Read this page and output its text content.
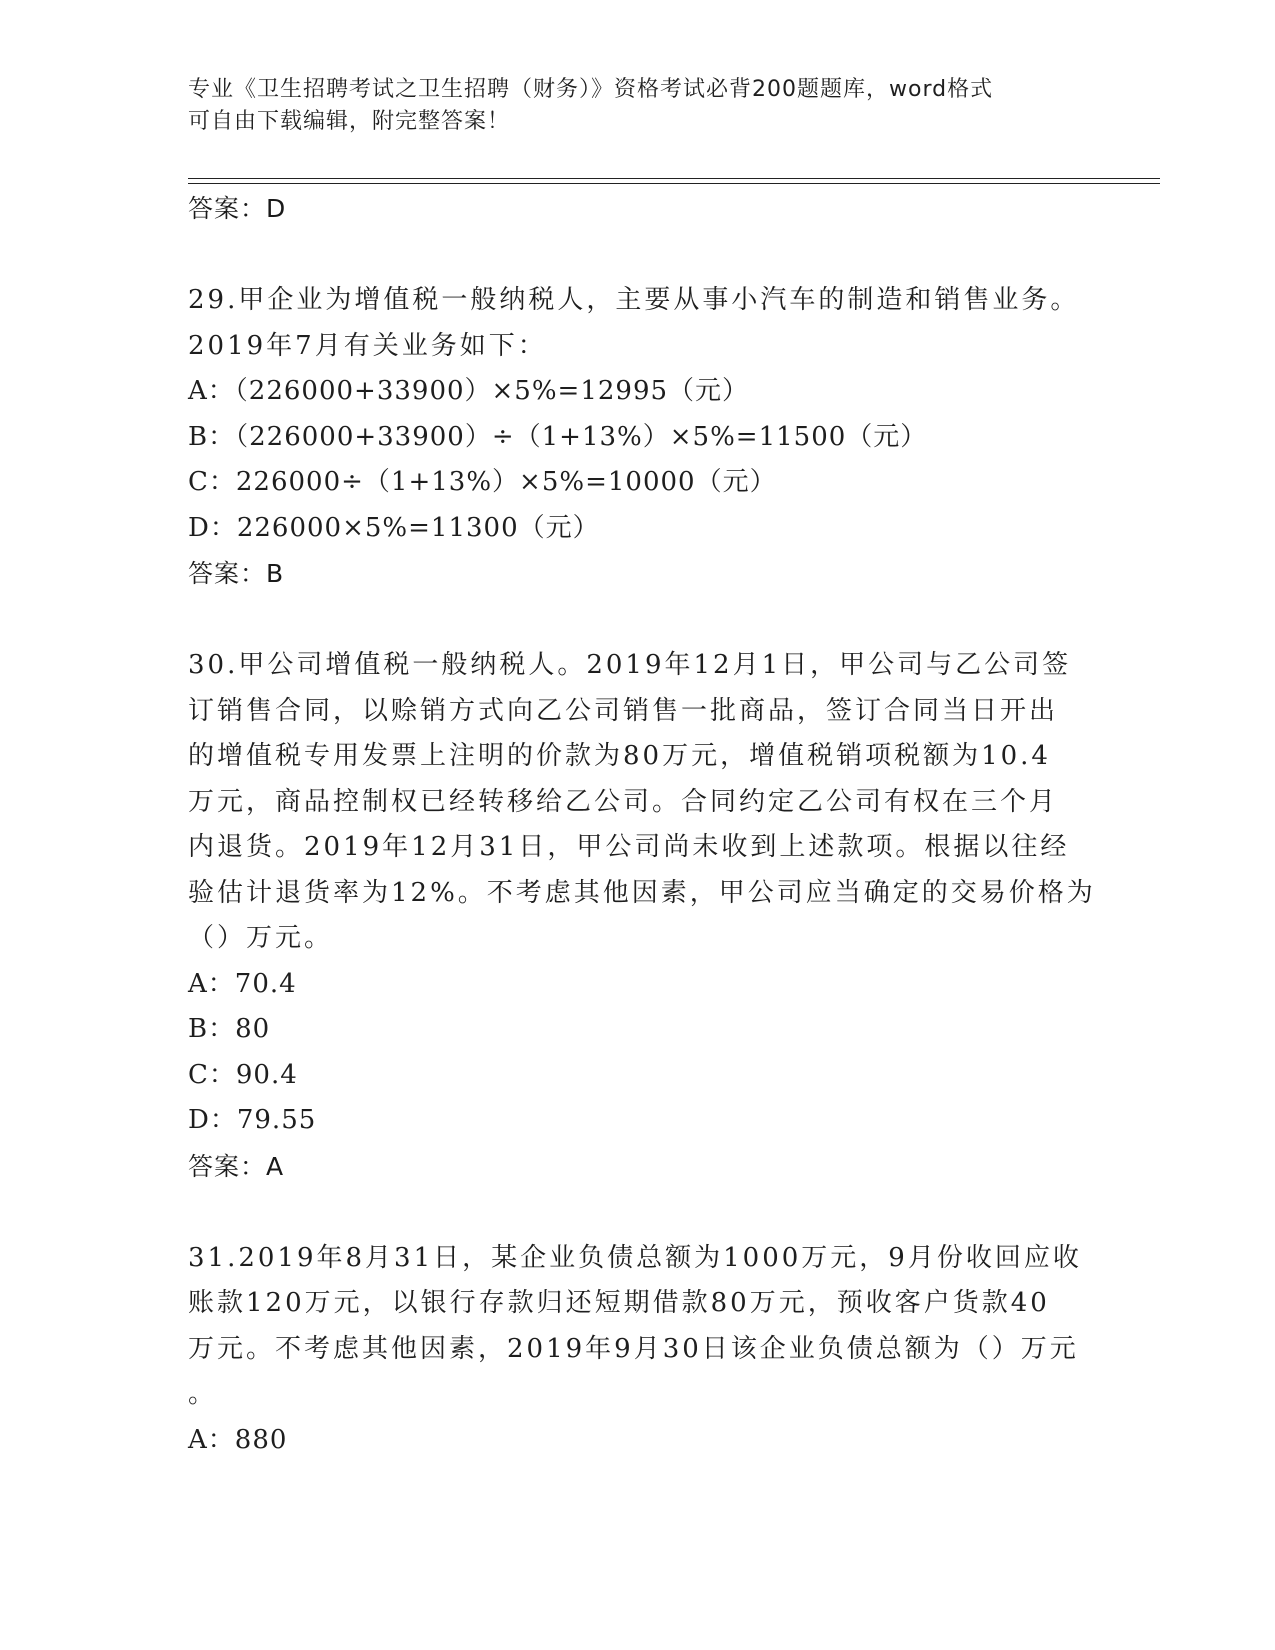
专业《卫生招聘考试之卫生招聘（财务）》资格考试必背200题题库，word格式
可自由下载编辑，附完整答案！
答案：D
29.甲企业为增值税一般纳税人，主要从事小汽车的制造和销售业务。
2019年7月有关业务如下：
A：（226000+33900）×5%=12995（元）
B：（226000+33900）÷（1+13%）×5%=11500（元）
C：226000÷（1+13%）×5%=10000（元）
D：226000×5%=11300（元）
答案：B
30.甲公司增值税一般纳税人。2019年12月1日，甲公司与乙公司签
订销售合同，以赊销方式向乙公司销售一批商品，签订合同当日开出
的增值税专用发票上注明的价款为80万元，增值税销项税额为10.4
万元，商品控制权已经转移给乙公司。合同约定乙公司有权在三个月
内退货。2019年12月31日，甲公司尚未收到上述款项。根据以往经
验估计退货率为12%。不考虑其他因素，甲公司应当确定的交易价格为
（）万元。
A：70.4
B：80
C：90.4
D：79.55
答案：A
31.2019年8月31日，某企业负债总额为1000万元，9月份收回应收
账款120万元，以银行存款归还短期借款80万元，预收客户货款40
万元。不考虑其他因素，2019年9月30日该企业负债总额为（）万元
。
A：880
